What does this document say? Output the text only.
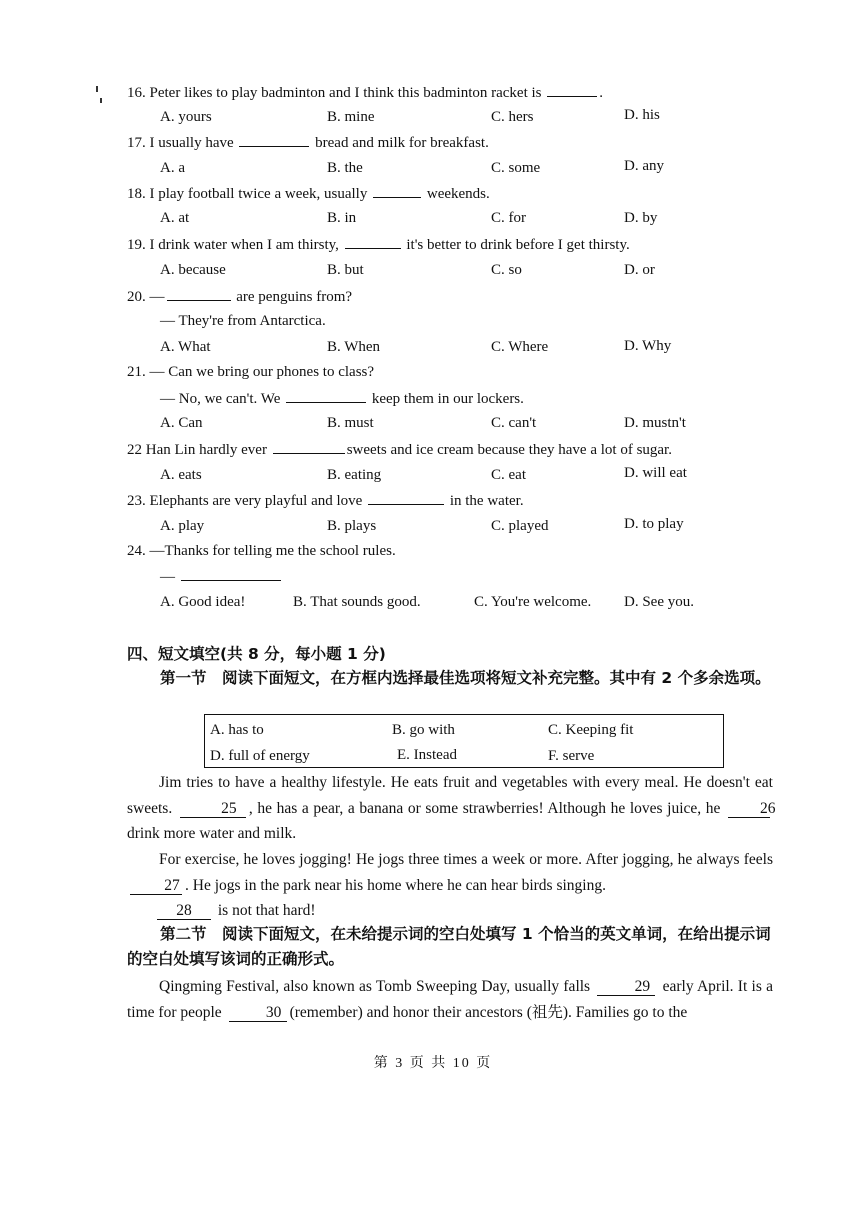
16. Peter likes to play badminton and I think this badminton racket is	.
A. yours	B. mine	C. hers	D. his
17. I usually have	bread and milk for breakfast.
A. a	B. the	C. some	D. any
18. I play football twice a week, usually	weekends.
A. at	B. in	C. for	D. by
19. I drink water when I am thirsty,	it's better to drink before I get thirsty.
A. because	B. but	C. so	D. or
20. —	are penguins from?
— They're from Antarctica.
A. What	B. When	C. Where	D. Why
21. — Can we bring our phones to class?
— No, we can't. We	keep them in our lockers.
A. Can	B. must	C. can't	D. mustn't
22 Han Lin hardly ever	sweets and ice cream because they have a lot of sugar.
A. eats	B. eating	C. eat	D. will eat
23. Elephants are very playful and love	in the water.
A. play	B. plays	C. played	D. to play
24. —Thanks for telling me the school rules.
—
A. Good idea!	B. That sounds good.	C. You're welcome. D. See you.
四、短文填空(共 8 分，每小题 1 分)
第一节　阅读下面短文，在方框内选择最佳选项将短文补充完整。其中有 2 个多余选项。
A. has to	B. go with	C. Keeping fit
D. full of energy	E. Instead	F. serve
Jim tries to have a healthy lifestyle. He eats fruit and vegetables with every meal. He doesn't eat sweets.	25 , he has a pear, a banana or some strawberries! Although he loves juice, he	26 drink more water and milk.
For exercise, he loves jogging! He jogs three times a week or more. After jogging, he always feels 27 . He jogs in the park near his home where he can hear birds singing.
28 is not that hard!
第二节　阅读下面短文，在未给提示词的空白处填写 1 个恰当的英文单词，在给出提示词的空白处填写该词的正确形式。
Qingming Festival, also known as Tomb Sweeping Day, usually falls	29 early April. It is a time for people	30 (remember) and honor their ancestors (祖先). Families go to the
第 3 页 共 10 页
